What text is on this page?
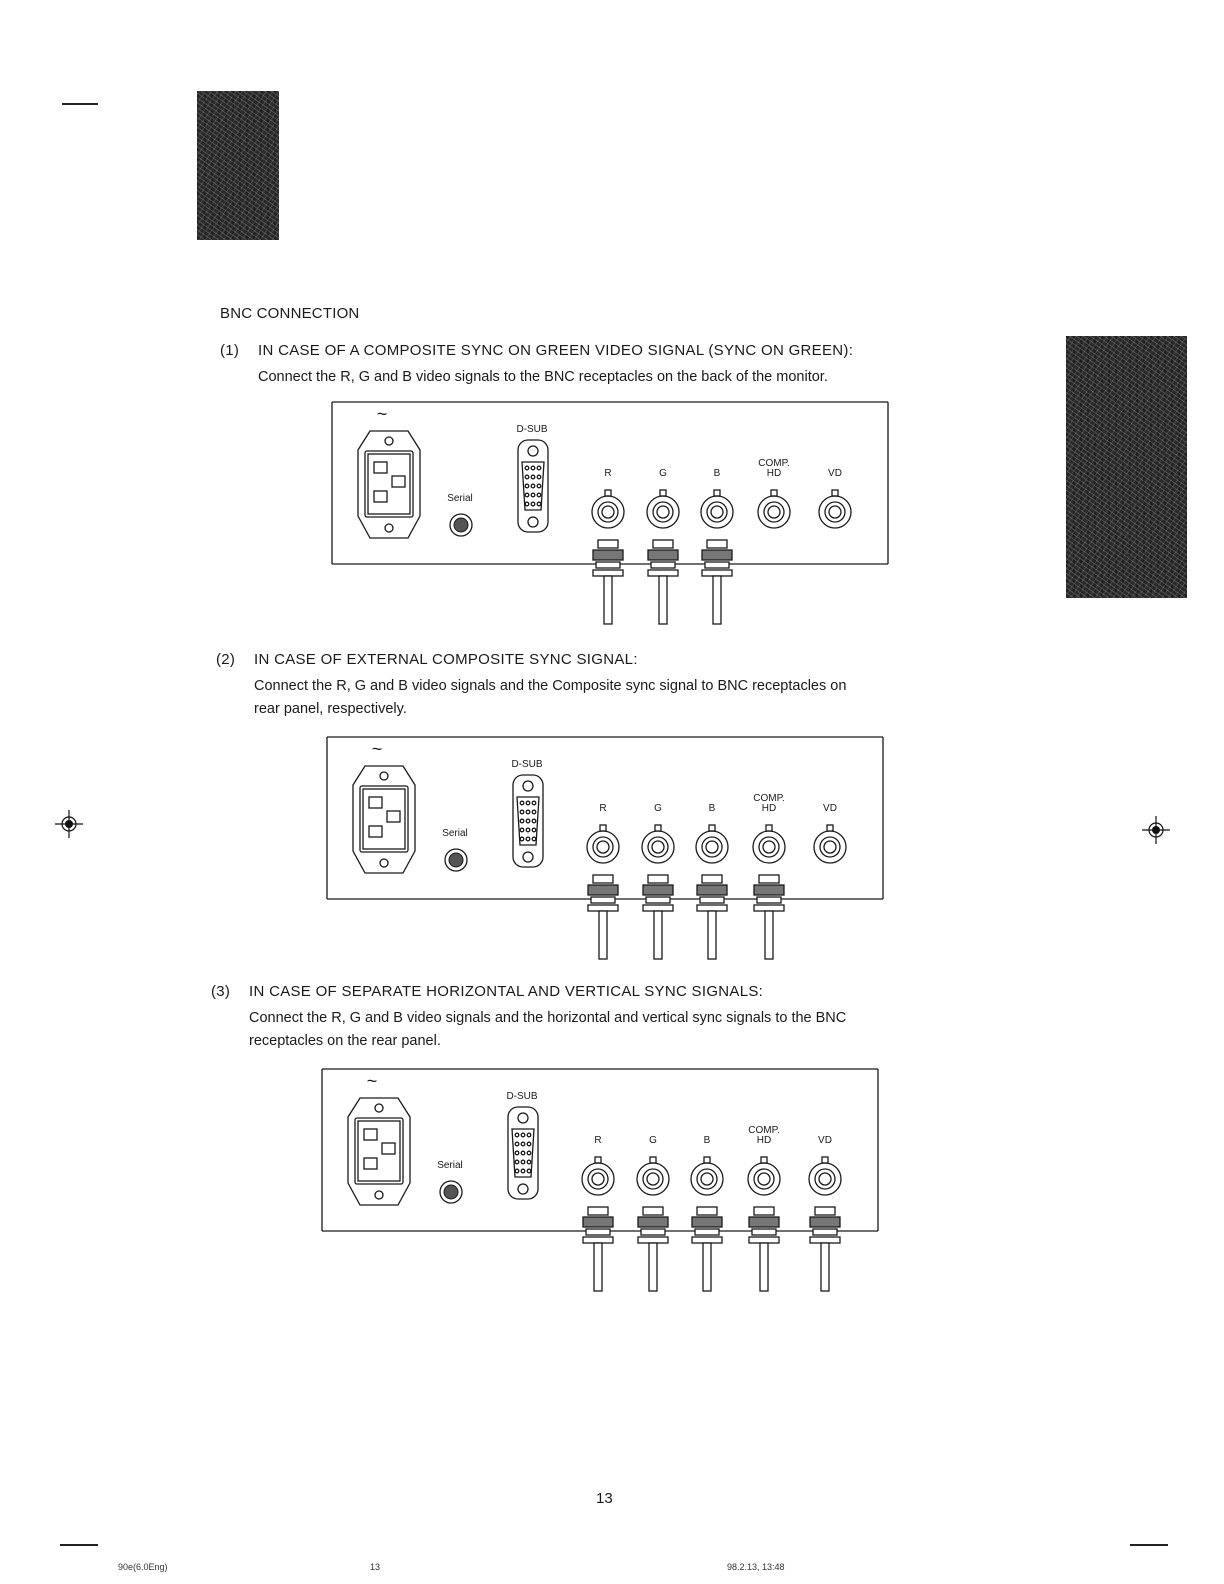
BNC CONNECTION
(1) IN CASE OF A COMPOSITE SYNC ON GREEN VIDEO SIGNAL (SYNC ON GREEN):
Connect the R, G and B video signals to the BNC receptacles on the back of the monitor.
(2) IN CASE OF EXTERNAL COMPOSITE SYNC SIGNAL:
Connect the R, G and B video signals and the Composite sync signal to BNC receptacles on
rear panel, respectively.
(3) IN CASE OF SEPARATE HORIZONTAL AND VERTICAL SYNC SIGNALS:
Connect the R, G and B video signals and the horizontal and vertical sync signals to the BNC
receptacles on the rear panel.
~
Serial
D-SUB
R	G	B
COMP.
HD	VD
~
Serial
D-SUB
R	G	B
COMP.
HD	VD
~
Serial
D-SUB
R	G	B
COMP.
HD	VD
13
90e(6.0Eng)	13	98.2.13, 13:48
